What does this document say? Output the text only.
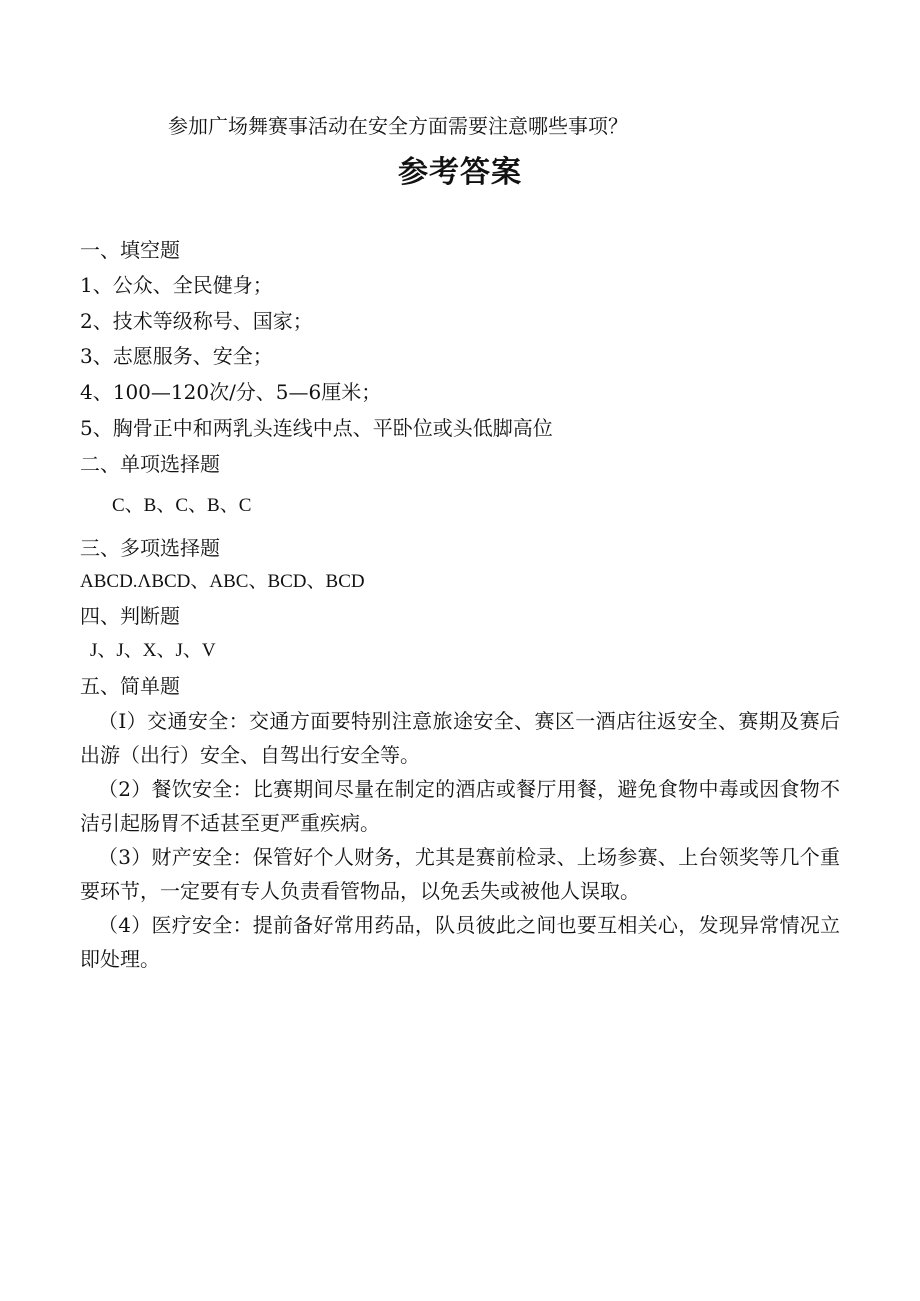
参加广场舞赛事活动在安全方面需要注意哪些事项？

参考答案

一、填空题

1、公众、全民健身；

2、技术等级称号、国家；

3、志愿服务、安全；

4、100—120次/分、5—6厘米；

5、胸骨正中和两乳头连线中点、平卧位或头低脚高位

二、单项选择题

C、B、C、B、C

三、多项选择题

ABCD.ΛBCD、ABC、BCD、BCD

四、判断题

J、J、X、J、V

五、简单题

（I）交通安全：交通方面要特别注意旅途安全、赛区一酒店往返安全、赛期及赛后出游（出行）安全、自驾出行安全等。

（2）餐饮安全：比赛期间尽量在制定的酒店或餐厅用餐，避免食物中毒或因食物不洁引起肠胃不适甚至更严重疾病。

（3）财产安全：保管好个人财务，尤其是赛前检录、上场参赛、上台领奖等几个重要环节，一定要有专人负责看管物品，以免丢失或被他人误取。

（4）医疗安全：提前备好常用药品，队员彼此之间也要互相关心，发现异常情况立即处理。
